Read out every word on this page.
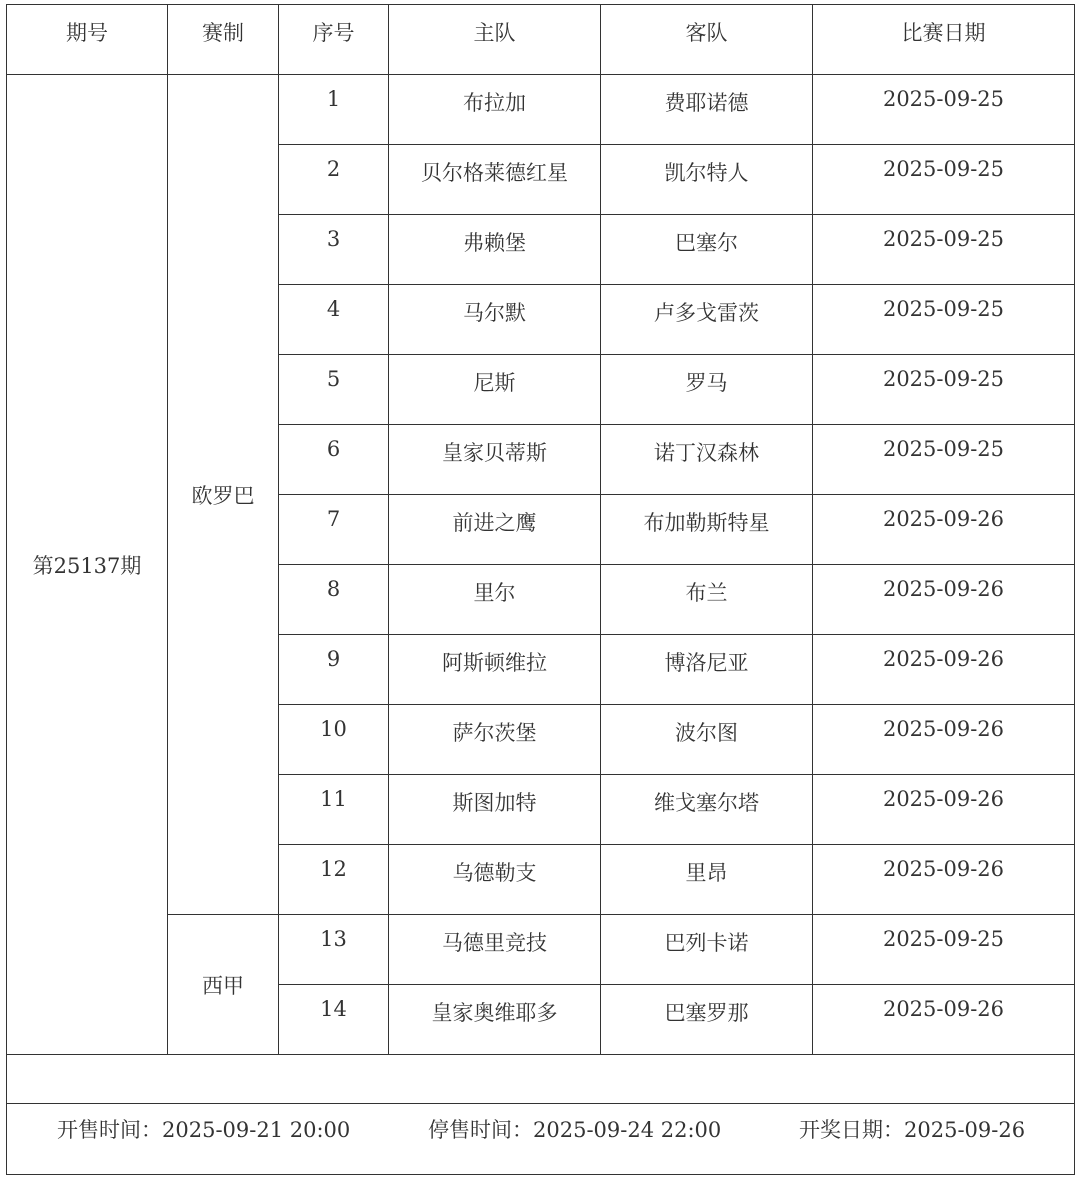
期号	赛制	序号	主队	客队	比赛日期
第25137期	欧罗巴	1	布拉加	费耶诺德	2025-09-25
		2	贝尔格莱德红星	凯尔特人	2025-09-25
		3	弗赖堡	巴塞尔	2025-09-25
		4	马尔默	卢多戈雷茨	2025-09-25
		5	尼斯	罗马	2025-09-25
		6	皇家贝蒂斯	诺丁汉森林	2025-09-25
		7	前进之鹰	布加勒斯特星	2025-09-26
		8	里尔	布兰	2025-09-26
		9	阿斯顿维拉	博洛尼亚	2025-09-26
		10	萨尔茨堡	波尔图	2025-09-26
		11	斯图加特	维戈塞尔塔	2025-09-26
		12	乌德勒支	里昂	2025-09-26
	西甲	13	马德里竞技	巴列卡诺	2025-09-25
		14	皇家奥维耶多	巴塞罗那	2025-09-26

开售时间：2025-09-21 20:00 停售时间：2025-09-24 22:00 开奖日期：2025-09-26					
